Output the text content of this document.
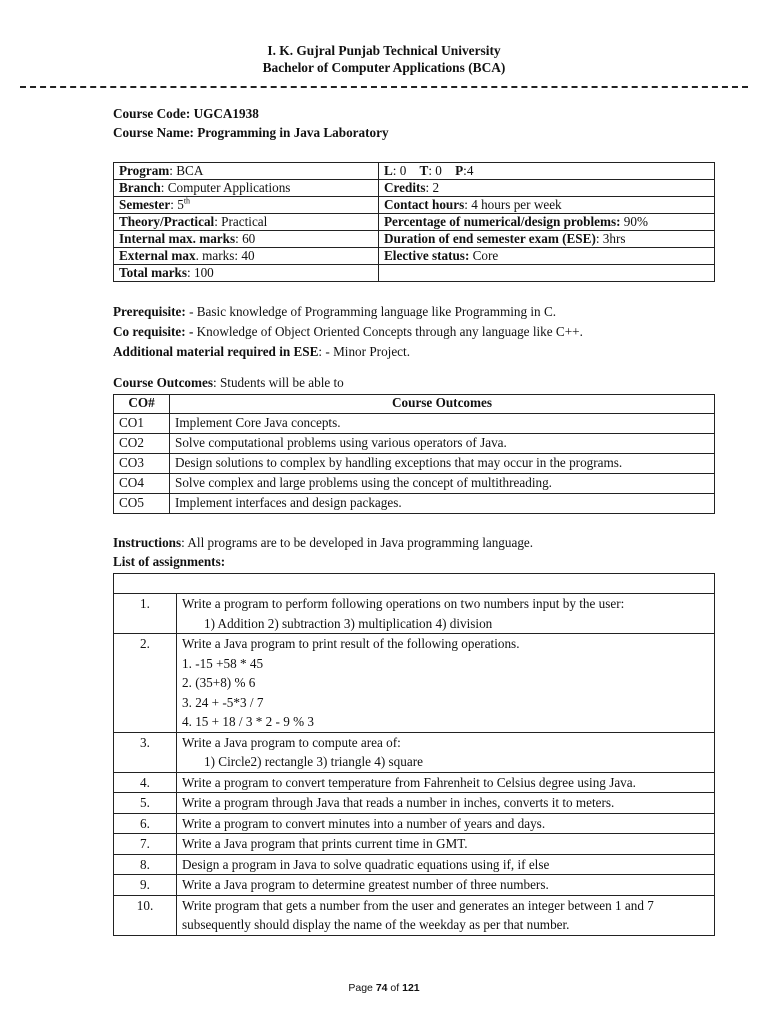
I. K. Gujral Punjab Technical University
Bachelor of Computer Applications (BCA)
Course Code: UGCA1938
Course Name: Programming in Java Laboratory
Program: BCA	L: 0 T: 0 P:4
Branch: Computer Applications	Credits: 2
Semester: 5th	Contact hours: 4 hours per week
Theory/Practical: Practical	Percentage of numerical/design problems: 90%
Internal max. marks: 60	Duration of end semester exam (ESE): 3hrs
External max. marks: 40	Elective status: Core
Total marks: 100	
Prerequisite: - Basic knowledge of Programming language like Programming in C.
Co requisite: - Knowledge of Object Oriented Concepts through any language like C++.
Additional material required in ESE: - Minor Project.
Course Outcomes: Students will be able to
CO#	Course Outcomes
CO1	Implement Core Java concepts.
CO2	Solve computational problems using various operators of Java.
CO3	Design solutions to complex by handling exceptions that may occur in the programs.
CO4	Solve complex and large problems using the concept of multithreading.
CO5	Implement interfaces and design packages.
Instructions: All programs are to be developed in Java programming language.
List of assignments:

1.	Write a program to perform following operations on two numbers input by the user:
1) Addition 2) subtraction 3) multiplication 4) division

2.	Write a Java program to print result of the following operations.
1. -15 +58 * 45
2. (35+8) % 6
3. 24 + -5*3 / 7
4. 15 + 18 / 3 * 2 - 9 % 3

3.	Write a Java program to compute area of:
1) Circle2) rectangle 3) triangle 4) square

4.	Write a program to convert temperature from Fahrenheit to Celsius degree using Java.

5.	Write a program through Java that reads a number in inches, converts it to meters.

6.	Write a program to convert minutes into a number of years and days.

7.	Write a Java program that prints current time in GMT.

8.	Design a program in Java to solve quadratic equations using if, if else

9.	Write a Java program to determine greatest number of three numbers.

10.	Write program that gets a number from the user and generates an integer between 1 and 7 subsequently should display the name of the weekday as per that number.
Page 74 of 121
